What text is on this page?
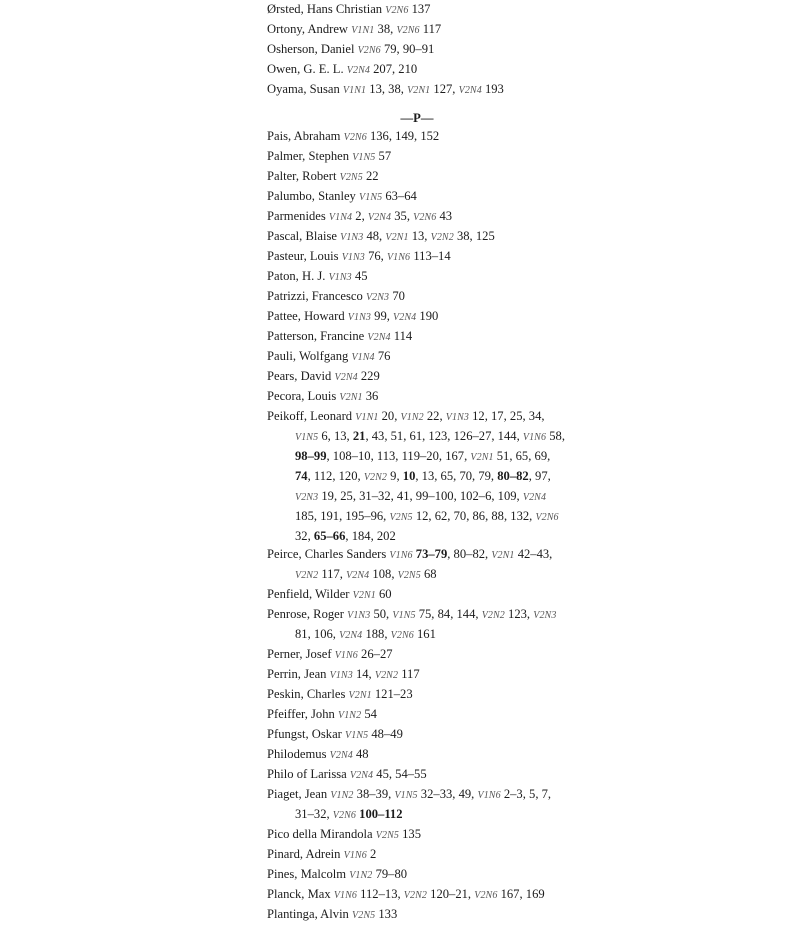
Ørsted, Hans Christian V2N6 137
Ortony, Andrew V1N1 38, V2N6 117
Osherson, Daniel V2N6 79, 90–91
Owen, G. E. L. V2N4 207, 210
Oyama, Susan V1N1 13, 38, V2N1 127, V2N4 193
—P—
Pais, Abraham V2N6 136, 149, 152
Palmer, Stephen V1N5 57
Palter, Robert V2N5 22
Palumbo, Stanley V1N5 63–64
Parmenides V1N4 2, V2N4 35, V2N6 43
Pascal, Blaise V1N3 48, V2N1 13, V2N2 38, 125
Pasteur, Louis V1N3 76, V1N6 113–14
Paton, H. J. V1N3 45
Patrizzi, Francesco V2N3 70
Pattee, Howard V1N3 99, V2N4 190
Patterson, Francine V2N4 114
Pauli, Wolfgang V1N4 76
Pears, David V2N4 229
Pecora, Louis V2N1 36
Peikoff, Leonard V1N1 20, V1N2 22, V1N3 12, 17, 25, 34, V1N5 6, 13, 21, 43, 51, 61, 123, 126–27, 144, V1N6 58, 98–99, 108–10, 113, 119–20, 167, V2N1 51, 65, 69, 74, 112, 120, V2N2 9, 10, 13, 65, 70, 79, 80–82, 97, V2N3 19, 25, 31–32, 41, 99–100, 102–6, 109, V2N4 185, 191, 195–96, V2N5 12, 62, 70, 86, 88, 132, V2N6 32, 65–66, 184, 202
Peirce, Charles Sanders V1N6 73–79, 80–82, V2N1 42–43, V2N2 117, V2N4 108, V2N5 68
Penfield, Wilder V2N1 60
Penrose, Roger V1N3 50, V1N5 75, 84, 144, V2N2 123, V2N3 81, 106, V2N4 188, V2N6 161
Perner, Josef V1N6 26–27
Perrin, Jean V1N3 14, V2N2 117
Peskin, Charles V2N1 121–23
Pfeiffer, John V1N2 54
Pfungst, Oskar V1N5 48–49
Philodemus V2N4 48
Philo of Larissa V2N4 45, 54–55
Piaget, Jean V1N2 38–39, V1N5 32–33, 49, V1N6 2–3, 5, 7, 31–32, V2N6 100–112
Pico della Mirandola V2N5 135
Pinard, Adrein V1N6 2
Pines, Malcolm V1N2 79–80
Planck, Max V1N6 112–13, V2N2 120–21, V2N6 167, 169
Plantinga, Alvin V2N5 133
